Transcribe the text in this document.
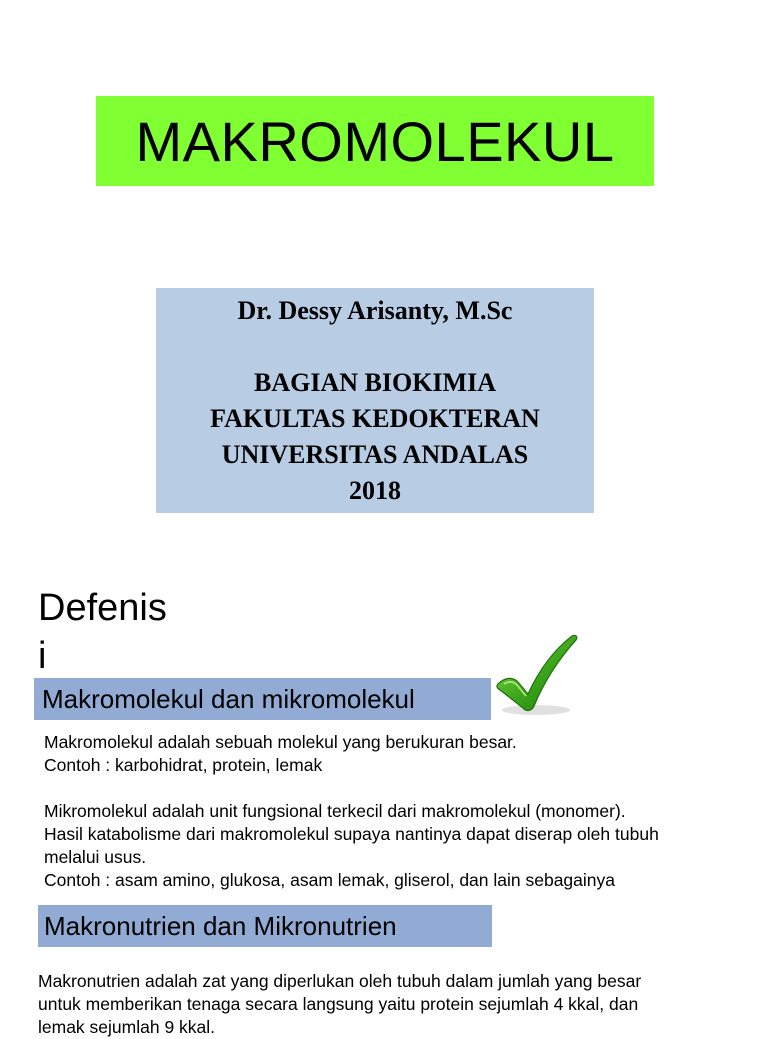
MAKROMOLEKUL
Dr. Dessy Arisanty, M.Sc
BAGIAN BIOKIMIA
FAKULTAS KEDOKTERAN
UNIVERSITAS ANDALAS
2018
Defenis
i
Makromolekul dan mikromolekul
Makromolekul adalah sebuah molekul yang berukuran besar.
Contoh : karbohidrat, protein, lemak
Mikromolekul adalah unit fungsional terkecil dari makromolekul (monomer).
Hasil katabolisme dari makromolekul supaya nantinya dapat diserap oleh tubuh
melalui usus.
Contoh : asam amino, glukosa, asam lemak, gliserol, dan lain sebagainya
Makronutrien dan Mikronutrien
Makronutrien adalah zat yang diperlukan oleh tubuh dalam jumlah yang besar
untuk memberikan tenaga secara langsung yaitu protein sejumlah 4 kkal, dan
lemak sejumlah 9 kkal.
